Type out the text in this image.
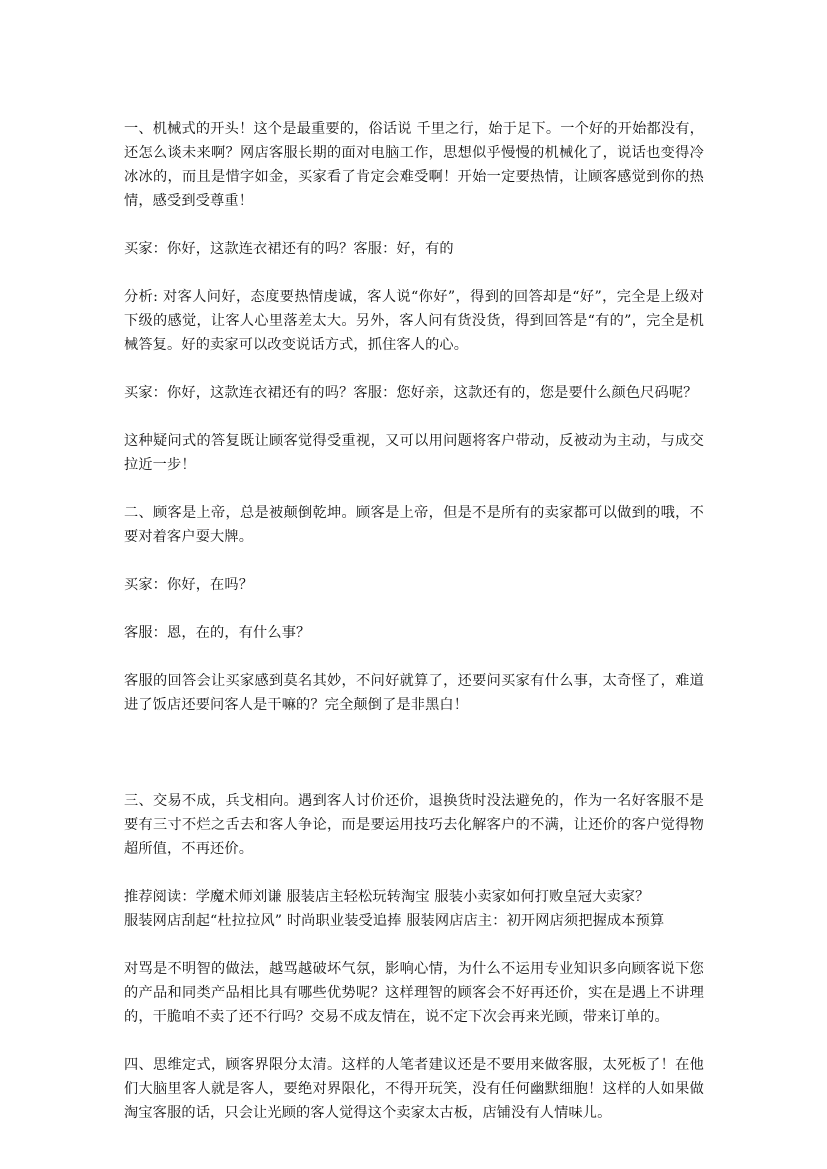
一、机械式的开头！这个是最重要的，俗话说 千里之行，始于足下。一个好的开始都没有，还怎么谈未来啊？网店客服长期的面对电脑工作，思想似乎慢慢的机械化了，说话也变得冷冰冰的，而且是惜字如金，买家看了肯定会难受啊！开始一定要热情，让顾客感觉到你的热情，感受到受尊重！

买家：你好，这款连衣裙还有的吗？客服：好，有的

分析: 对客人问好，态度要热情虔诚，客人说“你好”，得到的回答却是“好”，完全是上级对下级的感觉，让客人心里落差太大。另外，客人问有货没货，得到回答是“有的”，完全是机械答复。好的卖家可以改变说话方式，抓住客人的心。

买家：你好，这款连衣裙还有的吗？客服：您好亲，这款还有的，您是要什么颜色尺码呢？

这种疑问式的答复既让顾客觉得受重视，又可以用问题将客户带动，反被动为主动，与成交拉近一步！

二、顾客是上帝，总是被颠倒乾坤。顾客是上帝，但是不是所有的卖家都可以做到的哦，不要对着客户耍大牌。

买家：你好，在吗？

客服：恩，在的，有什么事？

客服的回答会让买家感到莫名其妙，不问好就算了，还要问买家有什么事，太奇怪了，难道进了饭店还要问客人是干嘛的？完全颠倒了是非黑白！

三、交易不成，兵戈相向。遇到客人讨价还价，退换货时没法避免的，作为一名好客服不是要有三寸不烂之舌去和客人争论，而是要运用技巧去化解客户的不满，让还价的客户觉得物超所值，不再还价。

推荐阅读：学魔术师刘谦 服装店主轻松玩转淘宝 服装小卖家如何打败皇冠大卖家？

服装网店刮起“杜拉拉风” 时尚职业装受追捧 服装网店店主：初开网店须把握成本预算

对骂是不明智的做法，越骂越破坏气氛，影响心情，为什么不运用专业知识多向顾客说下您的产品和同类产品相比具有哪些优势呢？这样理智的顾客会不好再还价，实在是遇上不讲理的，干脆咱不卖了还不行吗？交易不成友情在，说不定下次会再来光顾，带来订单的。

四、思维定式，顾客界限分太清。这样的人笔者建议还是不要用来做客服，太死板了！在他们大脑里客人就是客人，要绝对界限化，不得开玩笑，没有任何幽默细胞！这样的人如果做淘宝客服的话，只会让光顾的客人觉得这个卖家太古板，店铺没有人情味儿。
